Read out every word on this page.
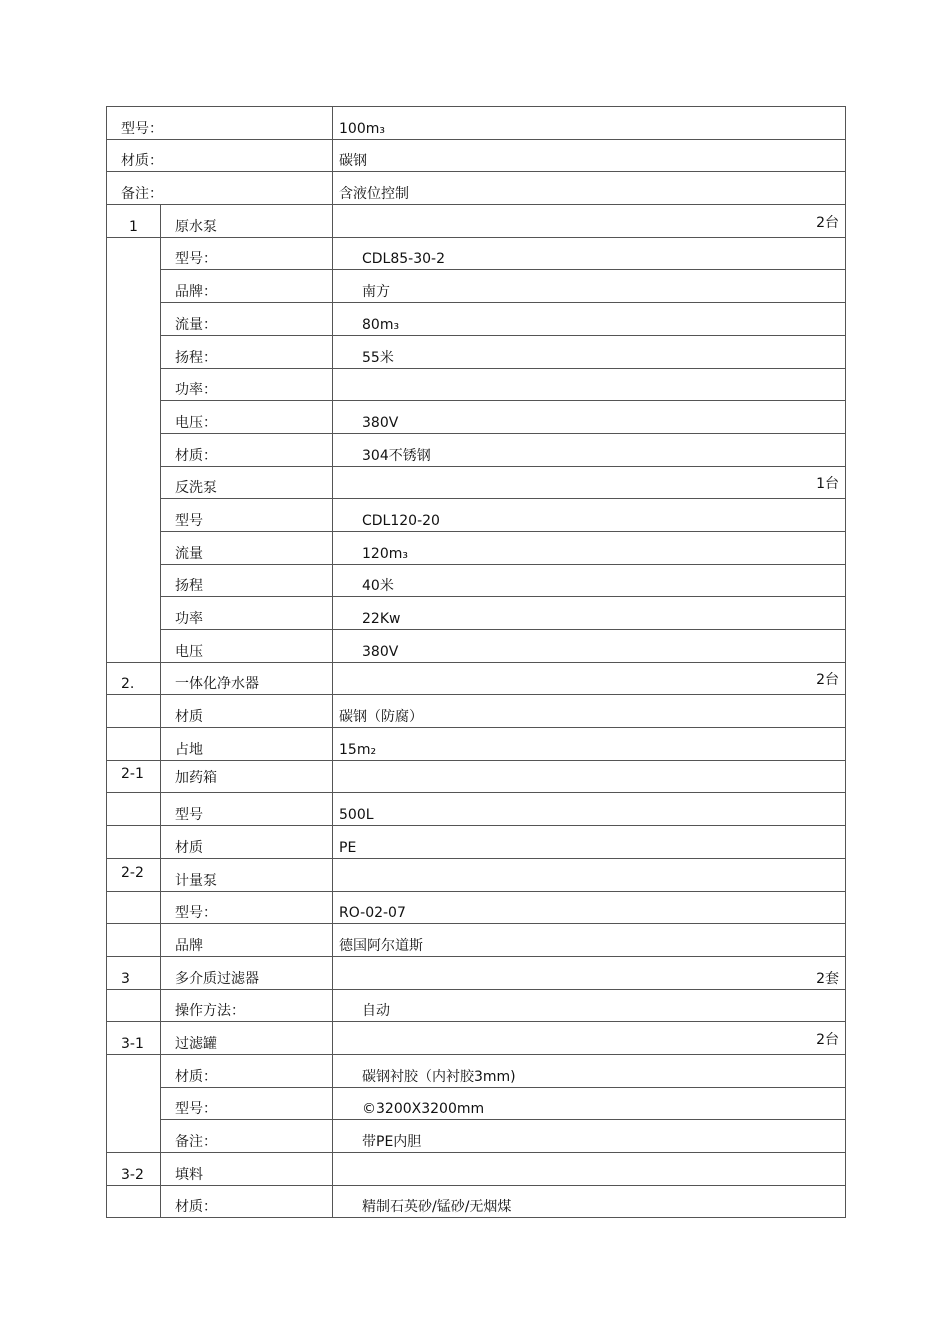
型号：		100m₃

材质：		碳钢

备注：		含液位控制

1	原水泵	2台

	型号：	CDL85-30-2

	品牌：	南方

	流量：	80m₃

	扬程：	55米

	功率：	

	电压：	380V

	材质：	304不锈钢

	反洗泵	1台

	型号	CDL120-20

	流量	120m₃

	扬程	40米

	功率	22Kw

	电压	380V

2.	一体化净水器	2台

	材质	碳钢（防腐）

	占地	15m₂

2-1	加药箱	

	型号	500L

	材质	PE

2-2	计量泵	

	型号：	RO-02-07

	品牌	德国阿尔道斯

3	多介质过滤器	2套

	操作方法：	自动

3-1	过滤罐	2台

	材质：	碳钢衬胶（内衬胶3mm)

	型号：	©3200X3200mm

	备注：	带PE内胆

3-2	填料	

	材质：	精制石英砂/锰砂/无烟煤
